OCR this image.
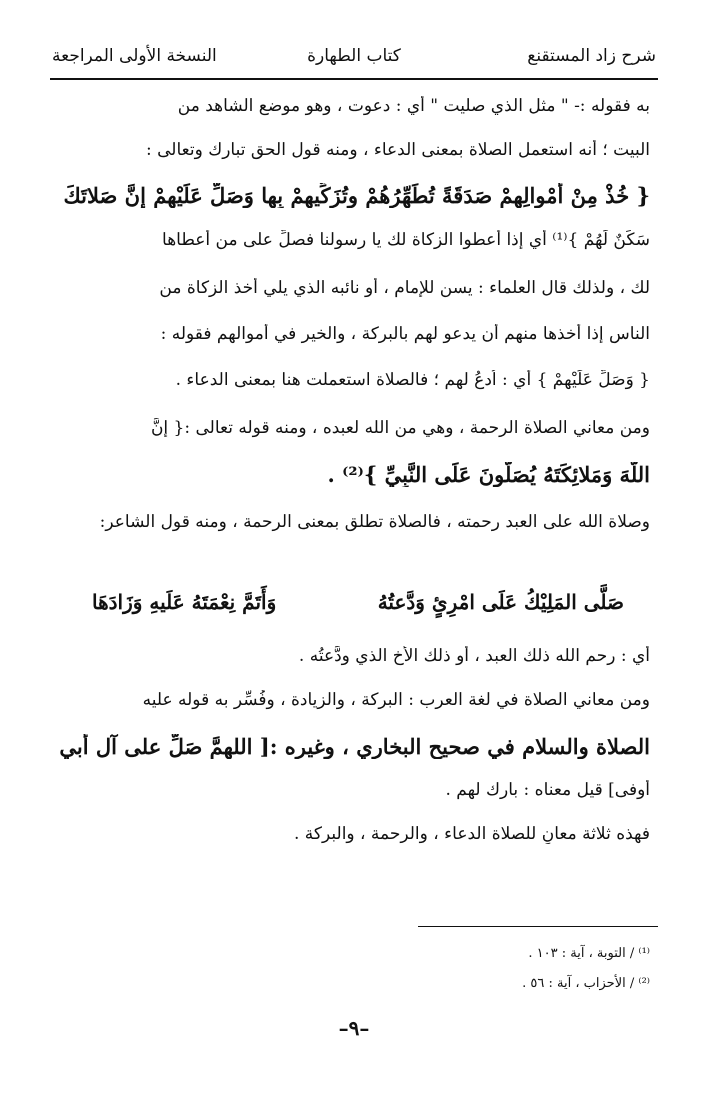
شرح زاد المستقنع
كتاب الطهارة
النسخة الأولى المراجعة
به فقوله :- " مثل الذي صليت " أي : دعوت ، وهو موضع الشاهد من
البيت ؛ أنه استعمل الصلاة بمعنى الدعاء ، ومنه قول الحق تبارك وتعالى :
{ خُذْ مِنْ أَمْوالِهِمْ صَدَقَةً تُطَهِّرُهُمْ وتُزَكِّيهِمْ بِها وَصَلِّ عَلَيْهِمْ إِنَّ صَلاتَكَ
سَكَنٌ لَهُمْ }⁽¹⁾ أي إذا أعطوا الزكاة لك يا رسولنا فصلِّ على من أعطاها
لك ، ولذلك قال العلماء : يسن للإمام ، أو نائبه الذي يلي أخذ الزكاة من
الناس إذا أخذها منهم أن يدعو لهم بالبركة ، والخير في أموالهم فقوله :
{ وَصَلِّ عَلَيْهِمْ } أي : اُدعُ لهم ؛ فالصلاة استعملت هنا بمعنى الدعاء .
ومن معاني الصلاة الرحمة ، وهي من الله لعبده ، ومنه قوله تعالى :{ إِنَّ
اللَّهَ وَمَلائِكَتَهُ يُصَلُّونَ عَلَى النَّبِيِّ }⁽²⁾ .
وصلاة الله على العبد رحمته ، فالصلاة تطلق بمعنى الرحمة ، ومنه قول الشاعر:
صَلَّى المَلِيْكُ عَلَى امْرِئٍ وَدَّعتُهُ
وَأَتَمَّ نِعْمَتَهُ عَلَيهِ وَزَادَهَا
أي : رحم الله ذلك العبد ، أو ذلك الأخ الذي ودَّعتُه .
ومن معاني الصلاة في لغة العرب : البركة ، والزيادة ، وفُسِّر به قوله عليه
الصلاة والسلام في صحيح البخاري ، وغيره :[ اللهمَّ صَلِّ على آل أبي
أوفى] قيل معناه : بارك لهم .
فهذه ثلاثة معانٍ للصلاة الدعاء ، والرحمة ، والبركة .
⁽¹⁾ / التوبة ، آية : ١٠٣ .
⁽²⁾ / الأحزاب ، آية : ٥٦ .
–٩–
